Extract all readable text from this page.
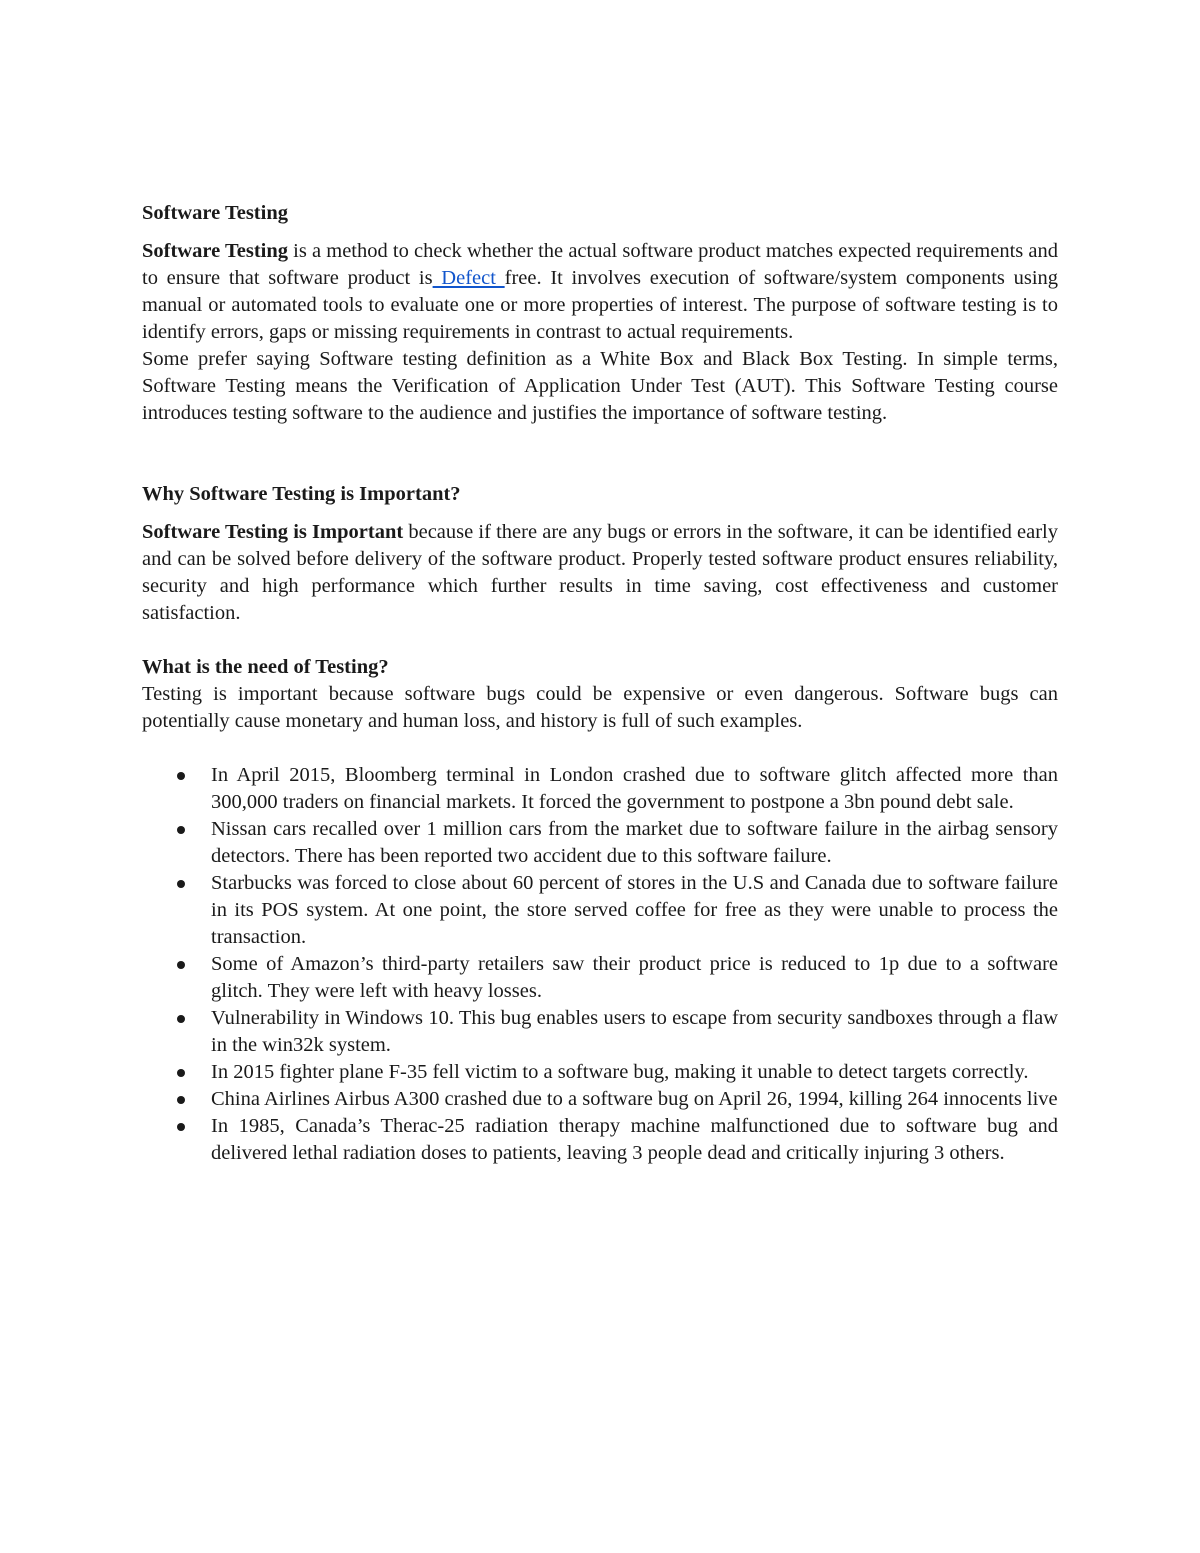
Software Testing

Software Testing is a method to check whether the actual software product matches expected requirements and to ensure that software product is Defect free. It involves execution of software/system components using manual or automated tools to evaluate one or more properties of interest. The purpose of software testing is to identify errors, gaps or missing requirements in contrast to actual requirements.

Some prefer saying Software testing definition as a White Box and Black Box Testing. In simple terms, Software Testing means the Verification of Application Under Test (AUT). This Software Testing course introduces testing software to the audience and justifies the importance of software testing.

Why Software Testing is Important?

Software Testing is Important because if there are any bugs or errors in the software, it can be identified early and can be solved before delivery of the software product. Properly tested software product ensures reliability, security and high performance which further results in time saving, cost effectiveness and customer satisfaction.

What is the need of Testing?

Testing is important because software bugs could be expensive or even dangerous. Software bugs can potentially cause monetary and human loss, and history is full of such examples.

In April 2015, Bloomberg terminal in London crashed due to software glitch affected more than 300,000 traders on financial markets. It forced the government to postpone a 3bn pound debt sale.
Nissan cars recalled over 1 million cars from the market due to software failure in the airbag sensory detectors. There has been reported two accident due to this software failure.
Starbucks was forced to close about 60 percent of stores in the U.S and Canada due to software failure in its POS system. At one point, the store served coffee for free as they were unable to process the transaction.
Some of Amazon’s third-party retailers saw their product price is reduced to 1p due to a software glitch. They were left with heavy losses.
Vulnerability in Windows 10. This bug enables users to escape from security sandboxes through a flaw in the win32k system.
In 2015 fighter plane F-35 fell victim to a software bug, making it unable to detect targets correctly.
China Airlines Airbus A300 crashed due to a software bug on April 26, 1994, killing 264 innocents live
In 1985, Canada’s Therac-25 radiation therapy machine malfunctioned due to software bug and delivered lethal radiation doses to patients, leaving 3 people dead and critically injuring 3 others.
